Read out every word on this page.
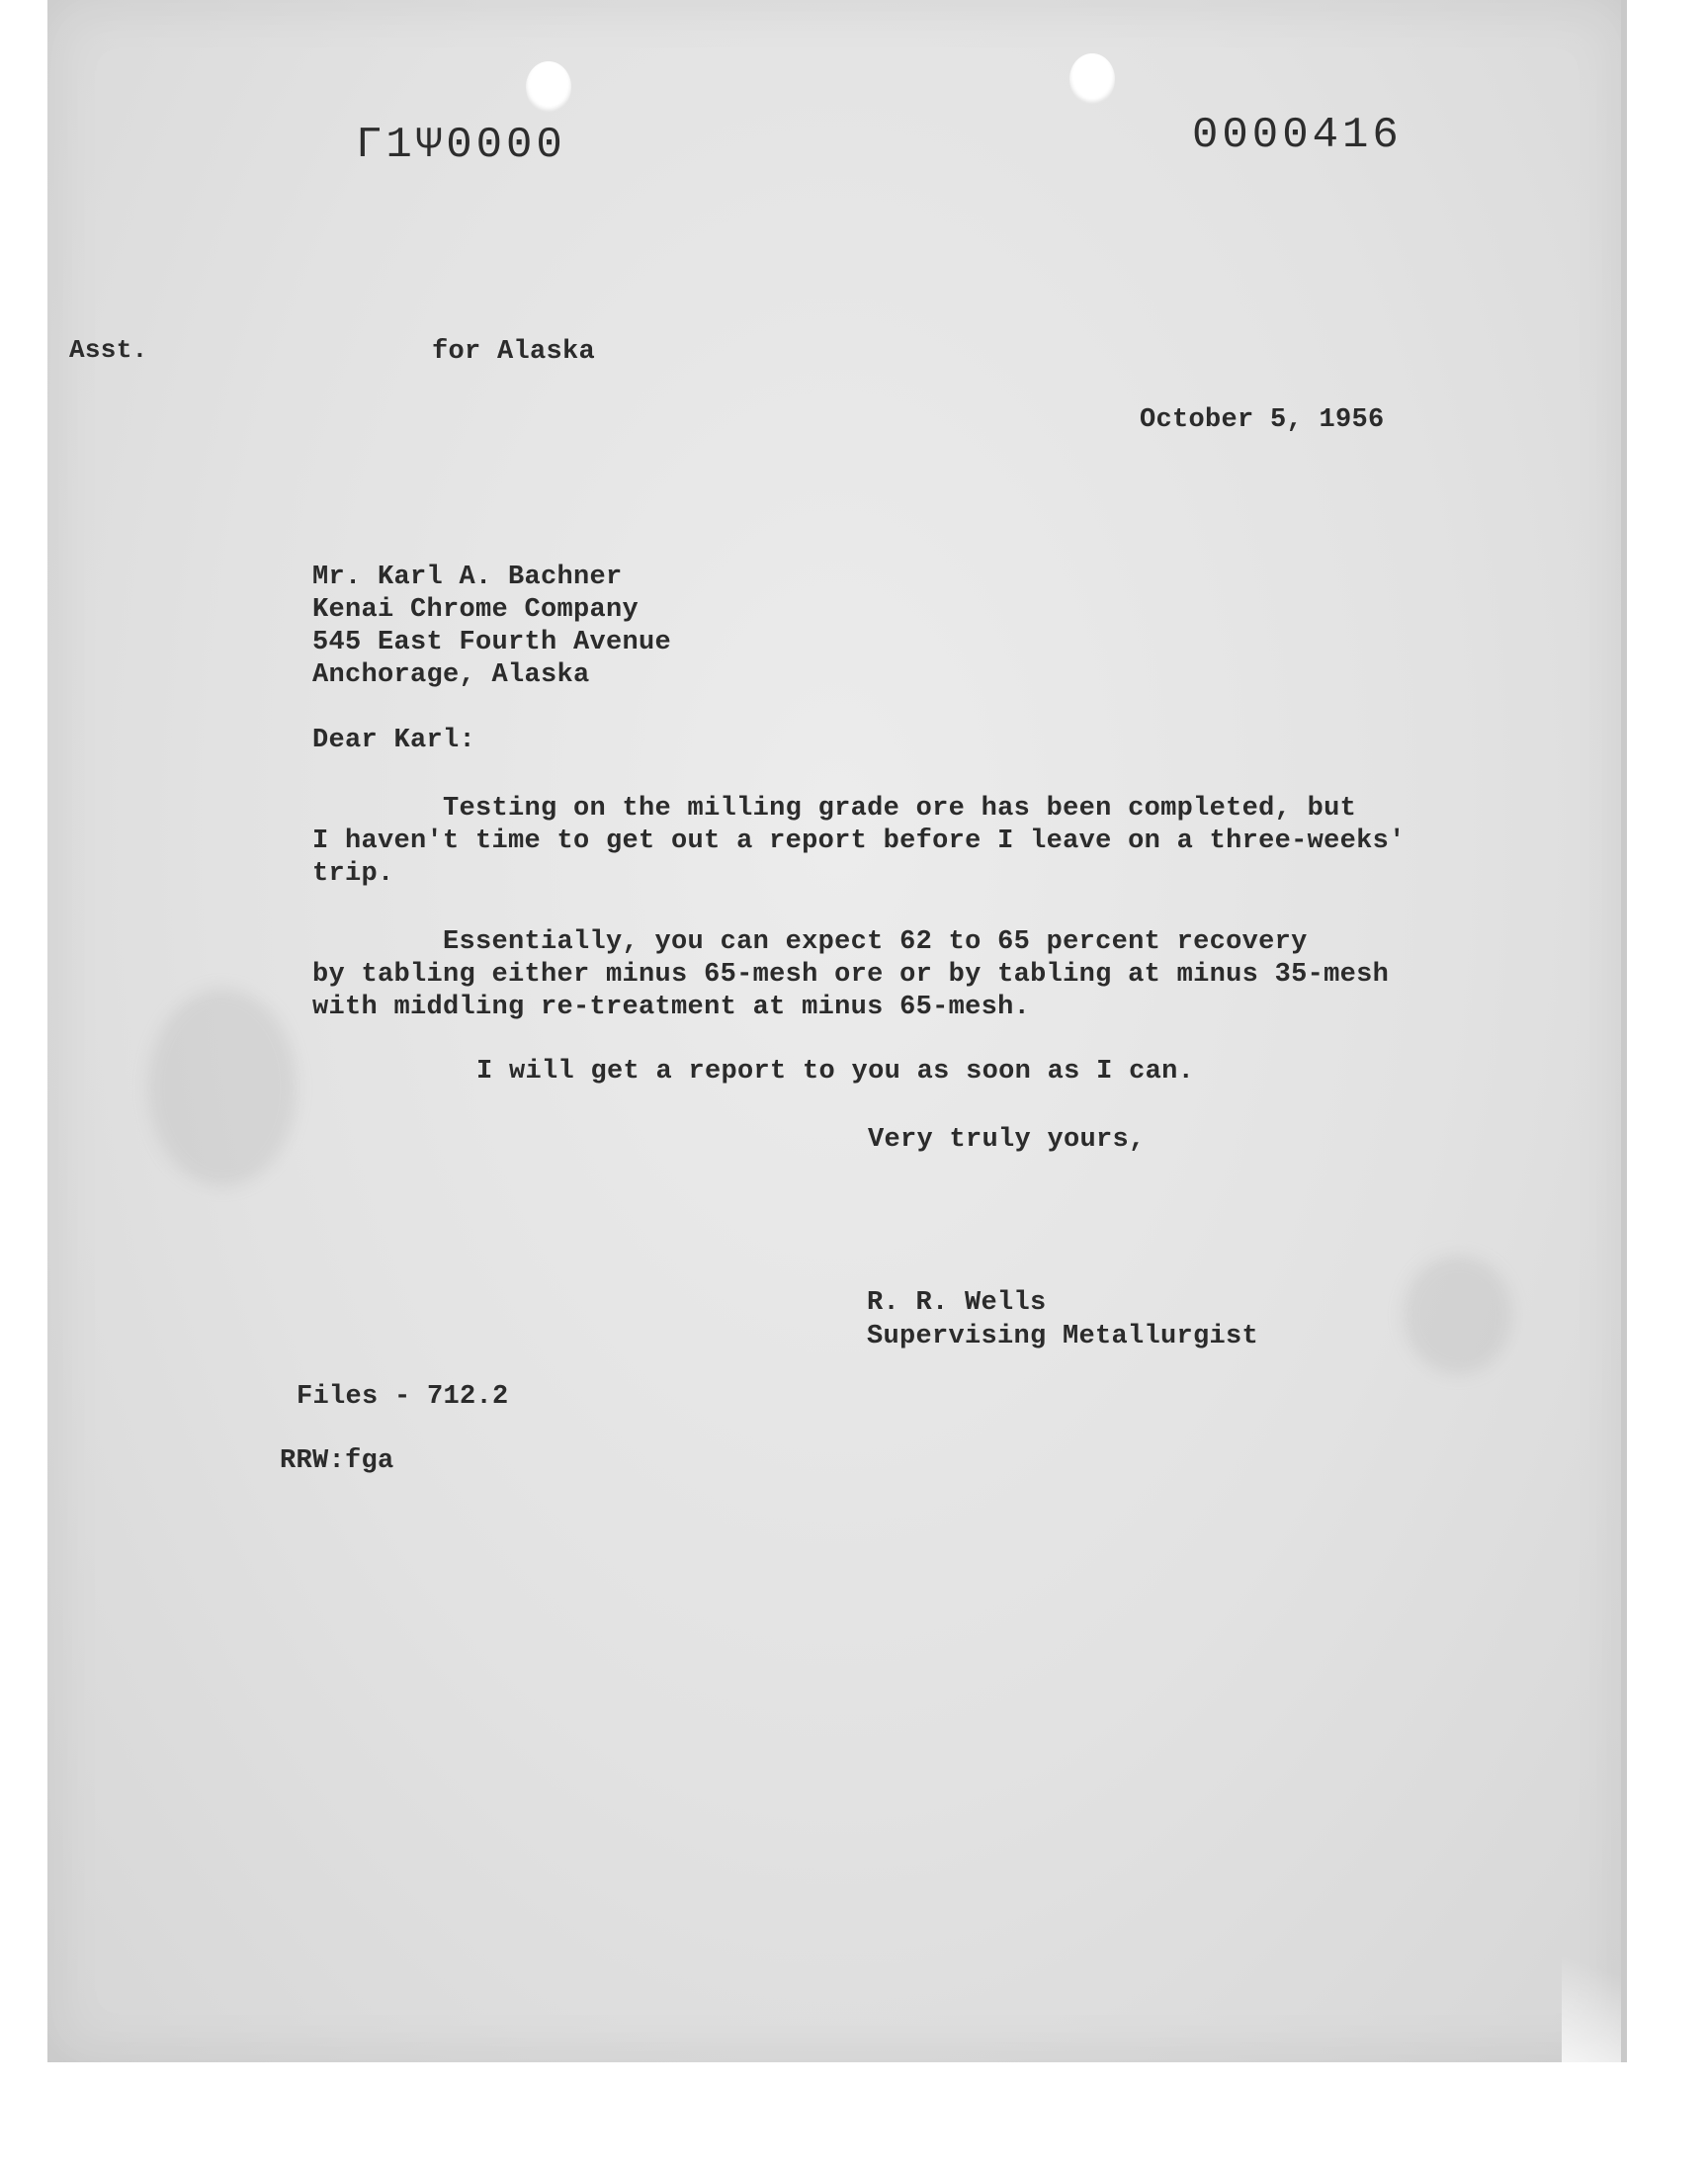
Γ1Ψ0000	0000416
Asst.	for Alaska
October 5, 1956
Mr. Karl A. Bachner
Kenai Chrome Company
545 East Fourth Avenue
Anchorage, Alaska
Dear Karl:
Testing on the milling grade ore has been completed, but
I haven't time to get out a report before I leave on a three-weeks'
trip.
Essentially, you can expect 62 to 65 percent recovery
by tabling either minus 65-mesh ore or by tabling at minus 35-mesh
with middling re-treatment at minus 65-mesh.
I will get a report to you as soon as I can.
Very truly yours,
R. R. Wells
Supervising Metallurgist
Files - 712.2
RRW:fga
